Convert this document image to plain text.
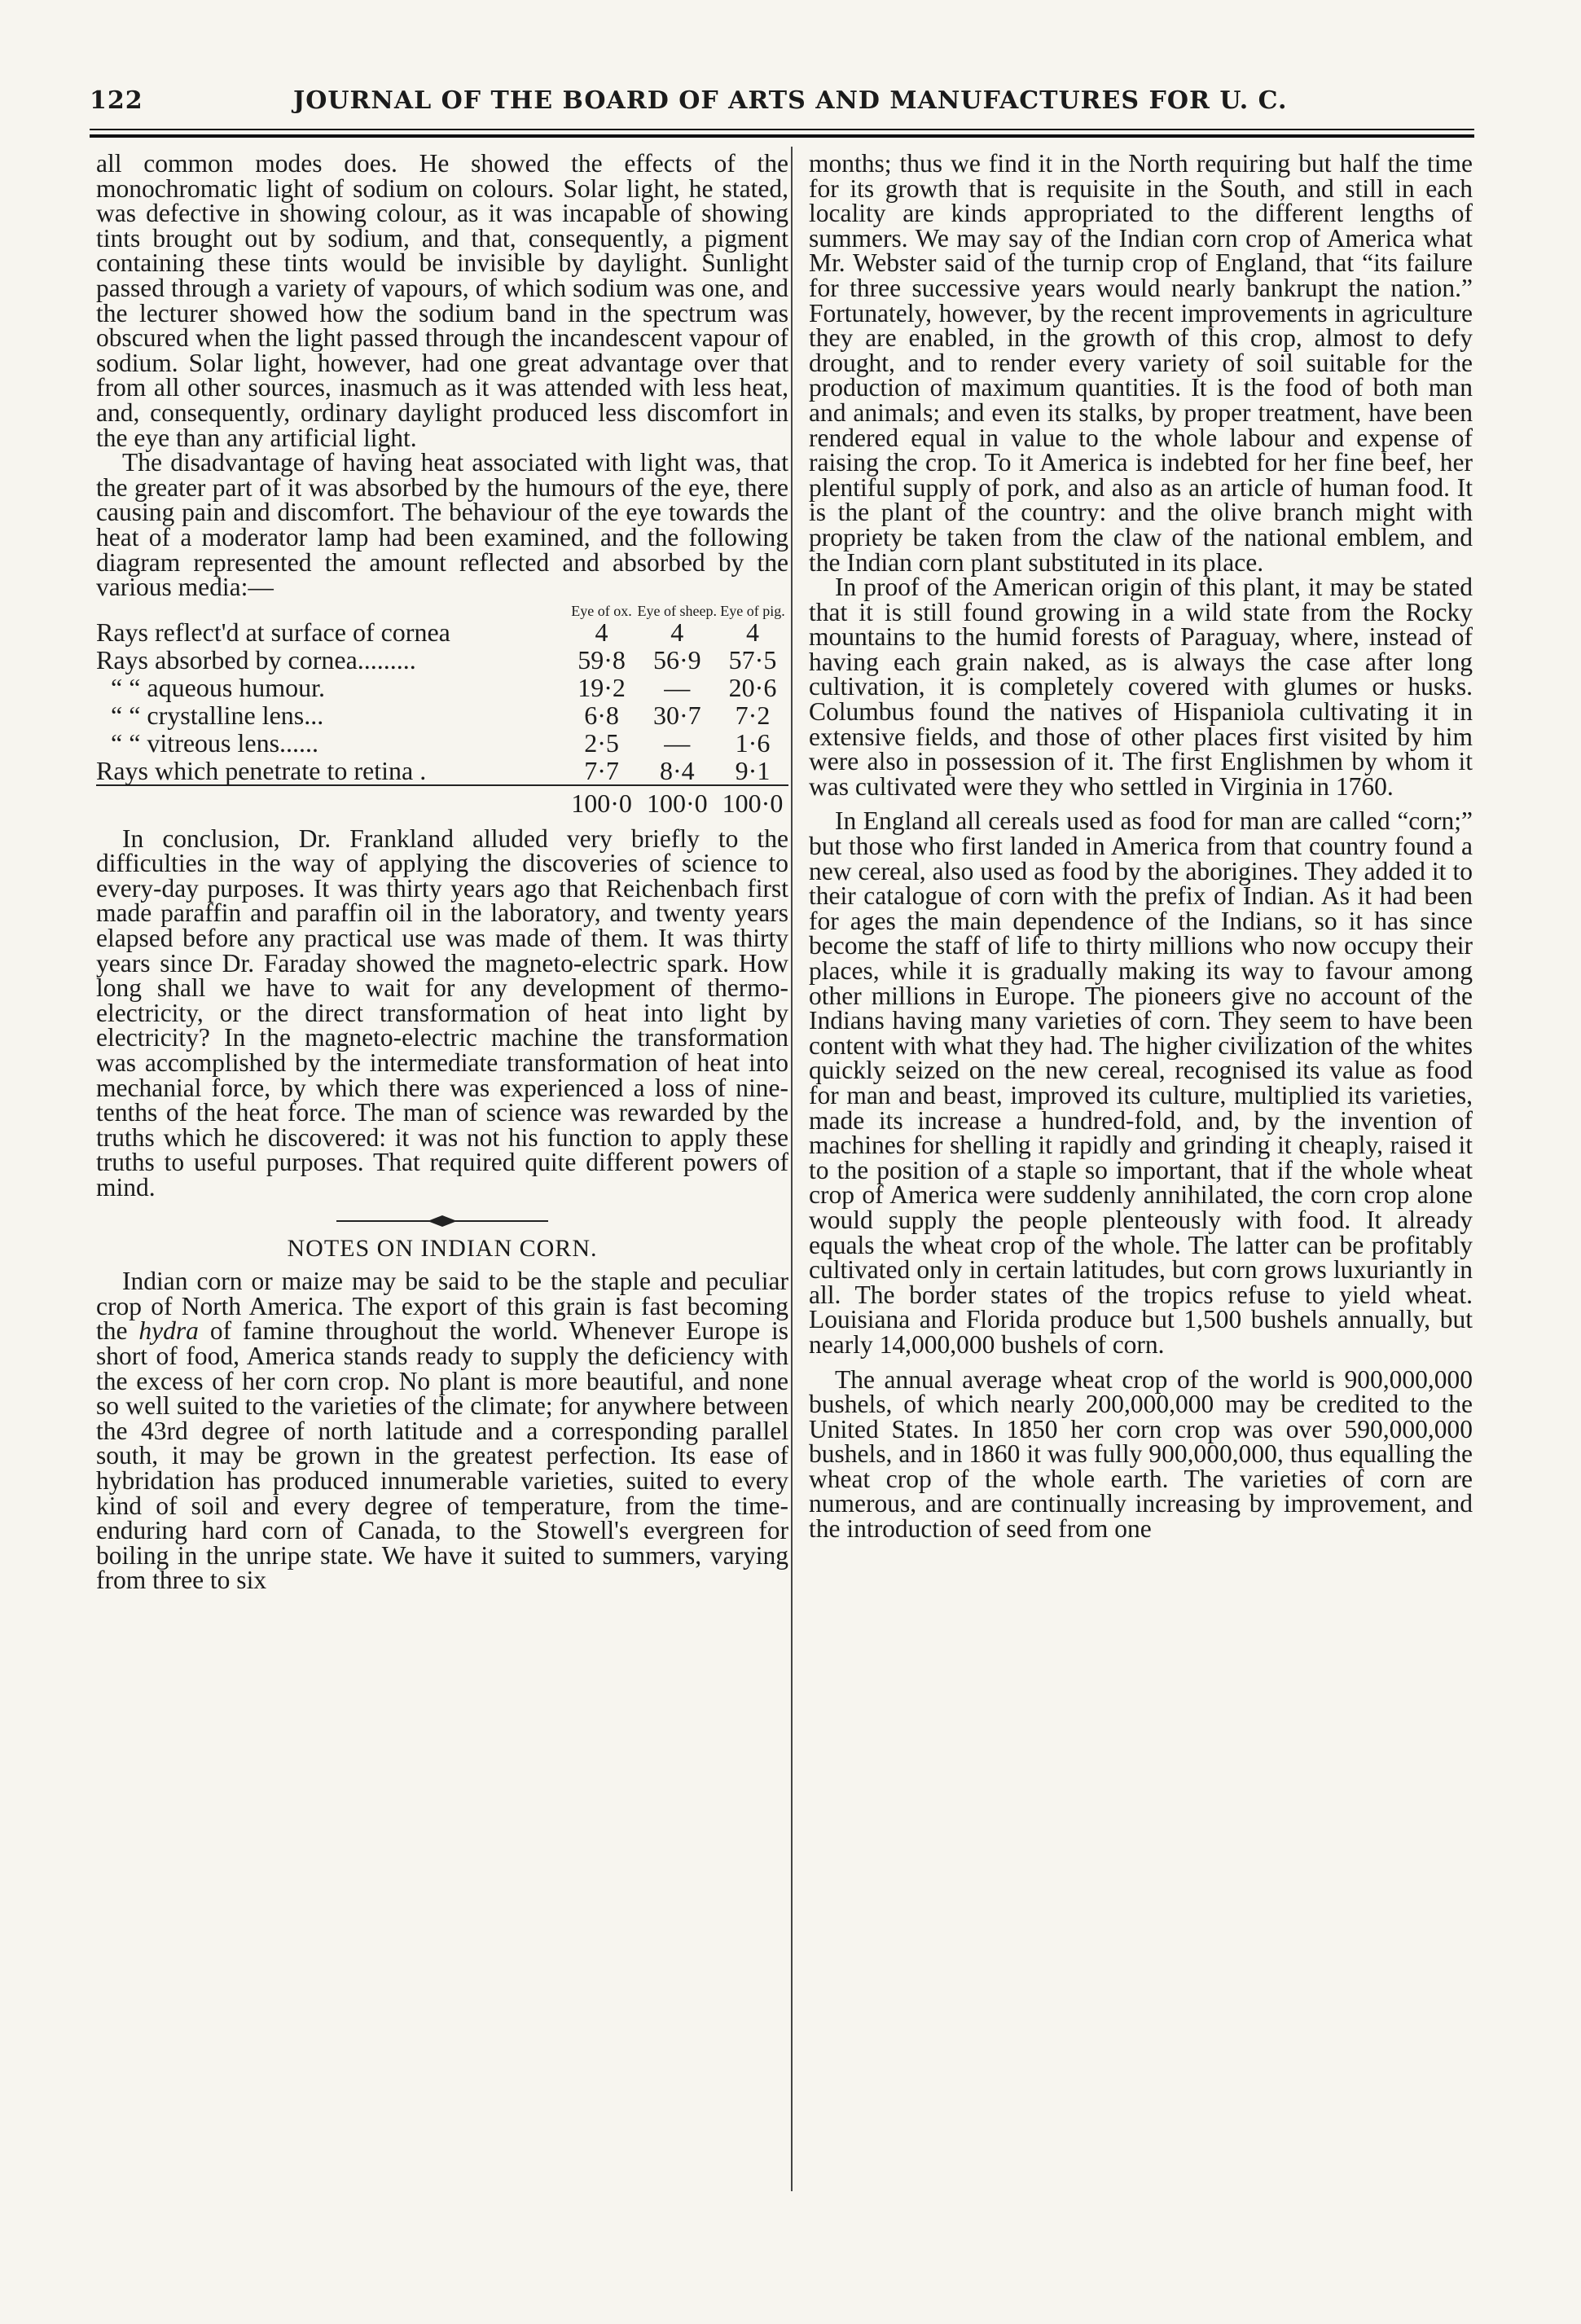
122	JOURNAL OF THE BOARD OF ARTS AND MANUFACTURES FOR U. C.

all common modes does. He showed the effects of the monochromatic light of sodium on colours. Solar light, he stated, was defective in showing colour, as it was incapable of showing tints brought out by sodium, and that, consequently, a pigment containing these tints would be invisible by daylight. Sunlight passed through a variety of vapours, of which sodium was one, and the lecturer showed how the sodium band in the spectrum was obscured when the light passed through the incandescent vapour of sodium. Solar light, however, had one great advantage over that from all other sources, inasmuch as it was attended with less heat, and, consequently, ordinary daylight produced less discomfort in the eye than any artificial light.

The disadvantage of having heat associated with light was, that the greater part of it was absorbed by the humours of the eye, there causing pain and discomfort. The behaviour of the eye towards the heat of a moderator lamp had been examined, and the following diagram represented the amount reflected and absorbed by the various media:—

	Eye of ox.	Eye of sheep.	Eye of pig.
Rays reflect'd at surface of cornea	4	4	4
Rays absorbed by cornea.........	59·8	56·9	57·5
“ “ aqueous humour.	19·2	—	20·6
“ “ crystalline lens...	6·8	30·7	7·2
“ “ vitreous lens......	2·5	—	1·6
Rays which penetrate to retina .	7·7	8·4	9·1
	100·0	100·0	100·0

In conclusion, Dr. Frankland alluded very briefly to the difficulties in the way of applying the discoveries of science to every-day purposes. It was thirty years ago that Reichenbach first made paraffin and paraffin oil in the laboratory, and twenty years elapsed before any practical use was made of them. It was thirty years since Dr. Faraday showed the magneto-electric spark. How long shall we have to wait for any development of thermo-electricity, or the direct transformation of heat into light by electricity? In the magneto-electric machine the transformation was accomplished by the intermediate transformation of heat into mechanial force, by which there was experienced a loss of nine-tenths of the heat force. The man of science was rewarded by the truths which he discovered: it was not his function to apply these truths to useful purposes. That required quite different powers of mind.

NOTES ON INDIAN CORN.

Indian corn or maize may be said to be the staple and peculiar crop of North America. The export of this grain is fast becoming the hydra of famine throughout the world. Whenever Europe is short of food, America stands ready to supply the deficiency with the excess of her corn crop. No plant is more beautiful, and none so well suited to the varieties of the climate; for anywhere between the 43rd degree of north latitude and a corresponding parallel south, it may be grown in the greatest perfection. Its ease of hybridation has produced innumerable varieties, suited to every kind of soil and every degree of temperature, from the time-enduring hard corn of Canada, to the Stowell's evergreen for boiling in the unripe state. We have it suited to summers, varying from three to six

months; thus we find it in the North requiring but half the time for its growth that is requisite in the South, and still in each locality are kinds appropriated to the different lengths of summers. We may say of the Indian corn crop of America what Mr. Webster said of the turnip crop of England, that “its failure for three successive years would nearly bankrupt the nation.” Fortunately, however, by the recent improvements in agriculture they are enabled, in the growth of this crop, almost to defy drought, and to render every variety of soil suitable for the production of maximum quantities. It is the food of both man and animals; and even its stalks, by proper treatment, have been rendered equal in value to the whole labour and expense of raising the crop. To it America is indebted for her fine beef, her plentiful supply of pork, and also as an article of human food. It is the plant of the country: and the olive branch might with propriety be taken from the claw of the national emblem, and the Indian corn plant substituted in its place.

In proof of the American origin of this plant, it may be stated that it is still found growing in a wild state from the Rocky mountains to the humid forests of Paraguay, where, instead of having each grain naked, as is always the case after long cultivation, it is completely covered with glumes or husks. Columbus found the natives of Hispaniola cultivating it in extensive fields, and those of other places first visited by him were also in possession of it. The first Englishmen by whom it was cultivated were they who settled in Virginia in 1760.

In England all cereals used as food for man are called “corn;” but those who first landed in America from that country found a new cereal, also used as food by the aborigines. They added it to their catalogue of corn with the prefix of Indian. As it had been for ages the main dependence of the Indians, so it has since become the staff of life to thirty millions who now occupy their places, while it is gradually making its way to favour among other millions in Europe. The pioneers give no account of the Indians having many varieties of corn. They seem to have been content with what they had. The higher civilization of the whites quickly seized on the new cereal, recognised its value as food for man and beast, improved its culture, multiplied its varieties, made its increase a hundred-fold, and, by the invention of machines for shelling it rapidly and grinding it cheaply, raised it to the position of a staple so important, that if the whole wheat crop of America were suddenly annihilated, the corn crop alone would supply the people plenteously with food. It already equals the wheat crop of the whole. The latter can be profitably cultivated only in certain latitudes, but corn grows luxuriantly in all. The border states of the tropics refuse to yield wheat. Louisiana and Florida produce but 1,500 bushels annually, but nearly 14,000,000 bushels of corn.

The annual average wheat crop of the world is 900,000,000 bushels, of which nearly 200,000,000 may be credited to the United States. In 1850 her corn crop was over 590,000,000 bushels, and in 1860 it was fully 900,000,000, thus equalling the wheat crop of the whole earth. The varieties of corn are numerous, and are continually increasing by improvement, and the introduction of seed from one
